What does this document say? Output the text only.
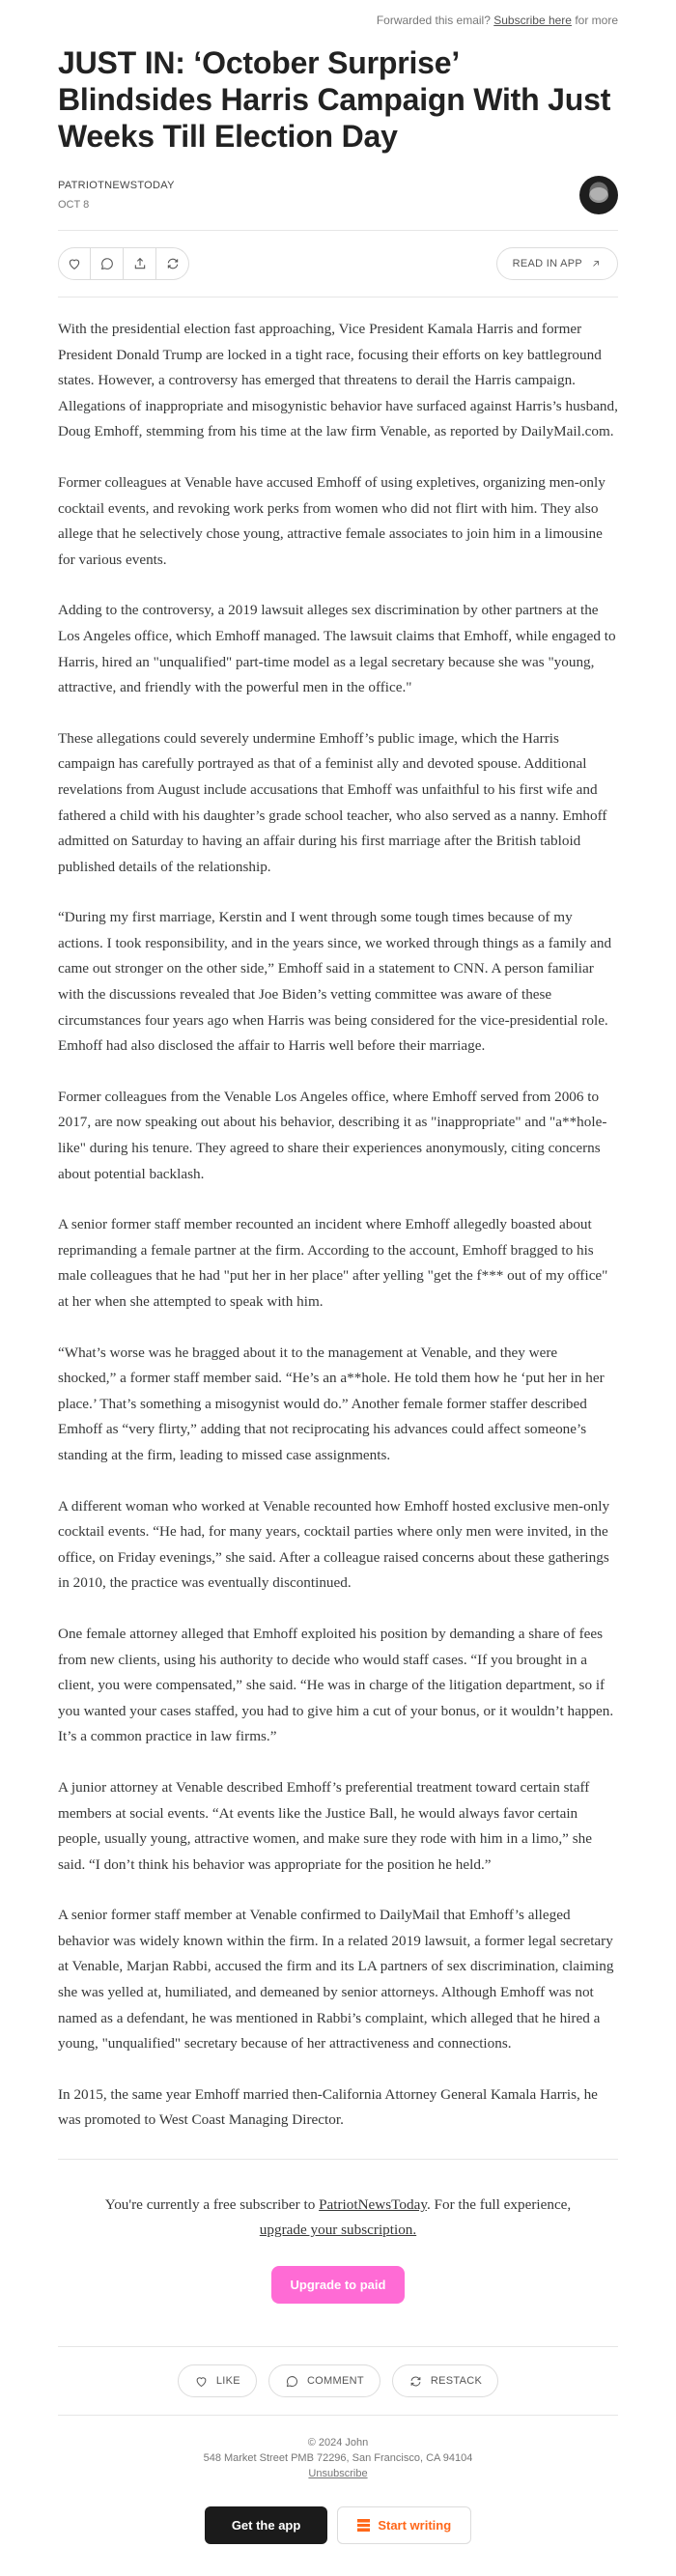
Forwarded this email? Subscribe here for more
JUST IN: ‘October Surprise’ Blindsides Harris Campaign With Just Weeks Till Election Day
PATRIOTNEWSTODAY
OCT 8
READ IN APP

With the presidential election fast approaching, Vice President Kamala Harris and former President Donald Trump are locked in a tight race, focusing their efforts on key battleground states. However, a controversy has emerged that threatens to derail the Harris campaign. Allegations of inappropriate and misogynistic behavior have surfaced against Harris’s husband, Doug Emhoff, stemming from his time at the law firm Venable, as reported by DailyMail.com.

Former colleagues at Venable have accused Emhoff of using expletives, organizing men-only cocktail events, and revoking work perks from women who did not flirt with him. They also allege that he selectively chose young, attractive female associates to join him in a limousine for various events.

Adding to the controversy, a 2019 lawsuit alleges sex discrimination by other partners at the Los Angeles office, which Emhoff managed. The lawsuit claims that Emhoff, while engaged to Harris, hired an "unqualified" part-time model as a legal secretary because she was "young, attractive, and friendly with the powerful men in the office."

These allegations could severely undermine Emhoff’s public image, which the Harris campaign has carefully portrayed as that of a feminist ally and devoted spouse. Additional revelations from August include accusations that Emhoff was unfaithful to his first wife and fathered a child with his daughter’s grade school teacher, who also served as a nanny. Emhoff admitted on Saturday to having an affair during his first marriage after the British tabloid published details of the relationship.

“During my first marriage, Kerstin and I went through some tough times because of my actions. I took responsibility, and in the years since, we worked through things as a family and came out stronger on the other side,” Emhoff said in a statement to CNN. A person familiar with the discussions revealed that Joe Biden’s vetting committee was aware of these circumstances four years ago when Harris was being considered for the vice-presidential role. Emhoff had also disclosed the affair to Harris well before their marriage.

Former colleagues from the Venable Los Angeles office, where Emhoff served from 2006 to 2017, are now speaking out about his behavior, describing it as "inappropriate" and "a**hole-like" during his tenure. They agreed to share their experiences anonymously, citing concerns about potential backlash.

A senior former staff member recounted an incident where Emhoff allegedly boasted about reprimanding a female partner at the firm. According to the account, Emhoff bragged to his male colleagues that he had "put her in her place" after yelling "get the f*** out of my office" at her when she attempted to speak with him.

“What’s worse was he bragged about it to the management at Venable, and they were shocked,” a former staff member said. “He’s an a**hole. He told them how he ‘put her in her place.’ That’s something a misogynist would do.” Another female former staffer described Emhoff as “very flirty,” adding that not reciprocating his advances could affect someone’s standing at the firm, leading to missed case assignments.

A different woman who worked at Venable recounted how Emhoff hosted exclusive men-only cocktail events. “He had, for many years, cocktail parties where only men were invited, in the office, on Friday evenings,” she said. After a colleague raised concerns about these gatherings in 2010, the practice was eventually discontinued.

One female attorney alleged that Emhoff exploited his position by demanding a share of fees from new clients, using his authority to decide who would staff cases. “If you brought in a client, you were compensated,” she said. “He was in charge of the litigation department, so if you wanted your cases staffed, you had to give him a cut of your bonus, or it wouldn’t happen. It’s a common practice in law firms.”

A junior attorney at Venable described Emhoff’s preferential treatment toward certain staff members at social events. “At events like the Justice Ball, he would always favor certain people, usually young, attractive women, and make sure they rode with him in a limo,” she said. “I don’t think his behavior was appropriate for the position he held.”

A senior former staff member at Venable confirmed to DailyMail that Emhoff’s alleged behavior was widely known within the firm. In a related 2019 lawsuit, a former legal secretary at Venable, Marjan Rabbi, accused the firm and its LA partners of sex discrimination, claiming she was yelled at, humiliated, and demeaned by senior attorneys. Although Emhoff was not named as a defendant, he was mentioned in Rabbi’s complaint, which alleged that he hired a young, "unqualified" secretary because of her attractiveness and connections.

In 2015, the same year Emhoff married then-California Attorney General Kamala Harris, he was promoted to West Coast Managing Director.

You're currently a free subscriber to PatriotNewsToday. For the full experience, upgrade your subscription.
Upgrade to paid
LIKE	COMMENT	RESTACK
© 2024 John
548 Market Street PMB 72296, San Francisco, CA 94104
Unsubscribe
Get the app	Start writing
